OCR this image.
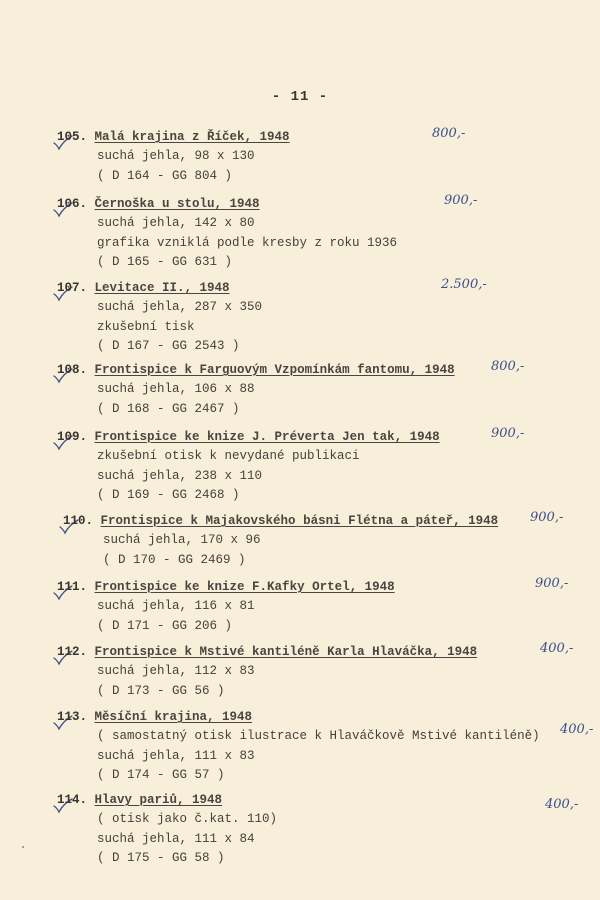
- 11 -
105. Malá krajina z Říček, 1948
suchá jehla, 98 x 130
( D 164 - GG 804 )
800,-
106. Černoška u stolu, 1948
suchá jehla, 142 x 80
grafika vzniklá podle kresby z roku 1936
( D 165 - GG 631 )
900,-
107. Levitace II., 1948
suchá jehla, 287 x 350
zkušební tisk
( D 167 - GG 2543 )
2.500,-
108. Frontispice k Farguovým Vzpomínkám fantomu, 1948
suchá jehla, 106 x 88
( D 168 - GG 2467 )
800,-
109. Frontispice ke knize J. Préverta Jen tak, 1948
zkušební otisk k nevydané publikaci
suchá jehla, 238 x 110
( D 169 - GG 2468 )
900,-
110. Frontispice k Majakovského básni Flétna a páteř, 1948
suchá jehla, 170 x 96
( D 170 - GG 2469 )
900,-
111. Frontispice ke knize F.Kafky Ortel, 1948
suchá jehla, 116 x 81
( D 171 - GG 206 )
900,-
112. Frontispice k Mstivé kantiléně Karla Hlaváčka, 1948
suchá jehla, 112 x 83
( D 173 - GG 56 )
400,-
113. Měsíční krajina, 1948
( samostatný otisk ilustrace k Hlaváčkově Mstivé kantiléně)
suchá jehla, 111 x 83
( D 174 - GG 57 )
400,-
114. Hlavy pariů, 1948
( otisk jako č.kat. 110)
suchá jehla, 111 x 84
( D 175 - GG 58 )
400,-
